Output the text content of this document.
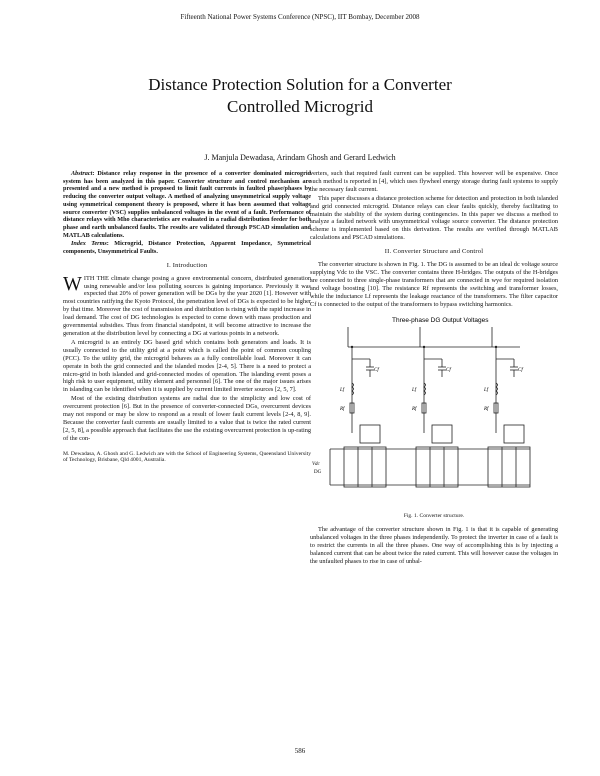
Fifteenth National Power Systems Conference (NPSC), IIT Bombay, December 2008
Distance Protection Solution for a Converter
Controlled Microgrid
J. Manjula Dewadasa, Arindam Ghosh and Gerard Ledwich

Abstract: Distance relay response in the presence of a converter dominated microgrid system has been analyzed in this paper. Converter structure and control mechanism are presented and a new method is proposed to limit fault currents in faulted phase/phases by reducing the converter output voltage. A method of analyzing unsymmetrical supply voltage using symmetrical component theory is proposed, where it has been assumed that voltage source converter (VSC) supplies unbalanced voltages in the event of a fault. Performance of distance relays with Mho characteristics are evaluated in a radial distribution feeder for both phase and earth unbalanced faults. The results are validated through PSCAD simulation and MATLAB calculations.

Index Terms: Microgrid, Distance Protection, Apparent Impedance, Symmetrical components, Unsymmetrical Faults.

I. Introduction

WITH THE climate change posing a grave environmental concern, distributed generation using renewable and/or less polluting sources is gaining importance. Previously it was expected that 20% of power generation will be DGs by the year 2020 [1]. However with most countries ratifying the Kyoto Protocol, the penetration level of DGs is expected to be higher by that time. Moreover the cost of transmission and distribution is rising with the rapid increase in load demand. The cost of DG technologies is expected to come down with mass production and governmental subsidies. Thus from financial standpoint, it will become attractive to increase the generation at the distribution level by connecting a DG at various points in a network.

A microgrid is an entirely DG based grid which contains both generators and loads. It is usually connected to the utility grid at a point which is called the point of common coupling (PCC). To the utility grid, the microgrid behaves as a fully controllable load. Moreover it can operate in both the grid connected and the islanded modes [2-4, 5]. There is a need to protect a micro-grid in both islanded and grid-connected modes of operation. The islanding event poses a high risk to user equipment, utility element and personnel [6]. The one of the major issues arises in islanding can be identified when it is supplied by current limited inverter sources [2, 5, 7].

Most of the existing distribution systems are radial due to the simplicity and low cost of overcurrent protection [6]. But in the presence of converter-connected DGs, overcurrent devices may not respond or may be slow to respond as a result of lower fault current levels [2-4, 8, 9]. Because the converter fault currents are usually limited to a value that is twice the rated current [2, 5, 8], a possible approach that facilitates the use the existing overcurrent protection is up-rating of the con-

M. Dewadasa, A. Ghosh and G. Ledwich are with the School of Engineering Systems, Queensland University of Technology, Brisbane, Qld 4001, Australia.

verters, such that required fault current can be supplied. This however will be expensive. Once such method is reported in [4], which uses flywheel energy storage during fault systems to supply the necessary fault current.

This paper discusses a distance protection scheme for detection and protection in both islanded and grid connected microgrid. Distance relays can clear faults quickly, thereby facilitating to maintain the stability of the system during contingencies. In this paper we discuss a method to analyze a faulted network with unsymmetrical voltage source converter. The distance protection scheme is implemented based on this derivation. The results are verified through MATLAB calculations and PSCAD simulations.

II. Converter Structure and Control

The converter structure is shown in Fig. 1. The DG is assumed to be an ideal dc voltage source supplying Vdc to the VSC. The converter contains three H-bridges. The outputs of the H-bridges are connected to three single-phase transformers that are connected in wye for required isolation and voltage boosting [10]. The resistance Rf represents the switching and transformer losses, while the inductance Lf represents the leakage reactance of the transformers. The filter capacitor Cf is connected to the output of the transformers to bypass switching harmonics.

Three-phase DG Output Voltages
Cf	Cf	Cf
Lf	Lf	Lf
Rf	Rf	Rf
Vdc
DG
Fig. 1. Converter structure.

The advantage of the converter structure shown in Fig. 1 is that it is capable of generating unbalanced voltages in the three phases independently. To protect the inverter in case of a fault is to restrict the currents in all the three phases. One way of accomplishing this is by injecting a balanced current that can be about twice the rated current. This will however cause the voltages in the unfaulted phases to rise in case of unbal-

586
